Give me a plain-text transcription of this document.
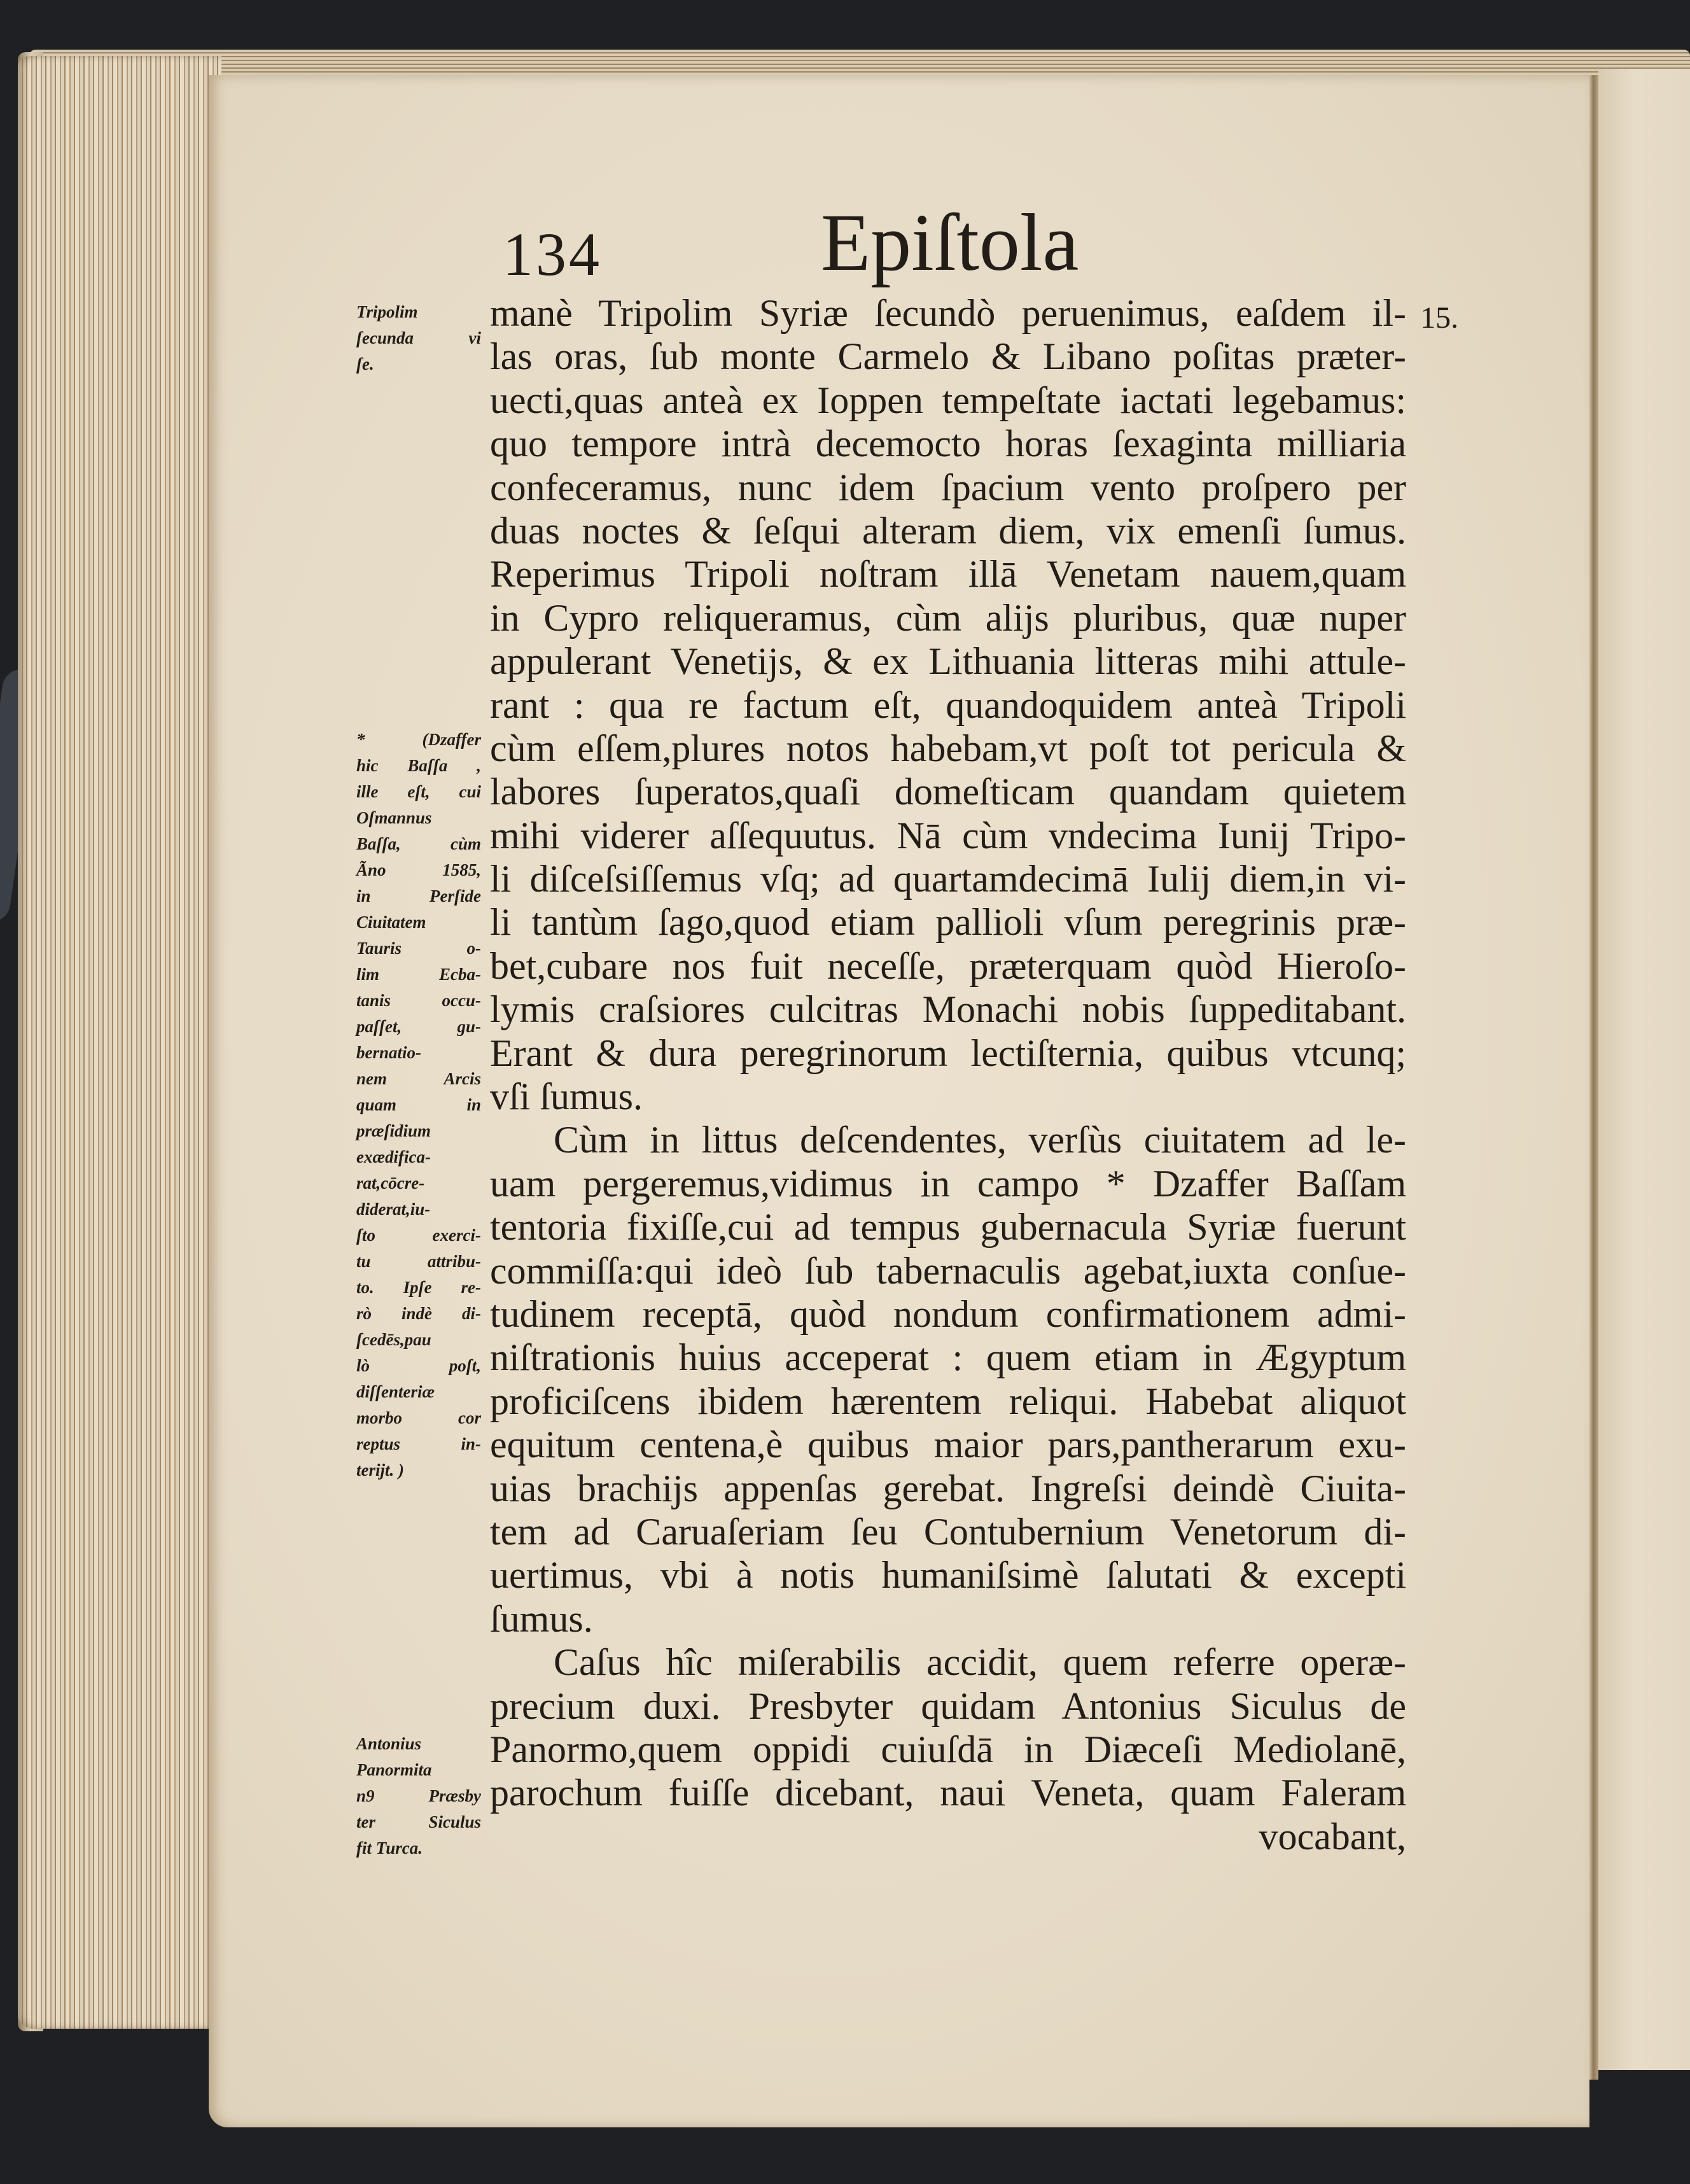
134	Epiſtola
15.
manè Tripolim Syriæ ſecundò peruenimus, eaſdem il-
las oras, ſub monte Carmelo & Libano poſitas præter-
uecti,quas anteà ex Ioppen tempeſtate iactati legebamus:
quo tempore intrà decemocto horas ſexaginta milliaria
confeceramus, nunc idem ſpacium vento proſpero per
duas noctes & ſeſqui alteram diem, vix emenſi ſumus.
Reperimus Tripoli noſtram illā Venetam nauem,quam
in Cypro reliqueramus, cùm alijs pluribus, quæ nuper
appulerant Venetijs, & ex Lithuania litteras mihi attule-
rant : qua re factum eſt, quandoquidem anteà Tripoli
cùm eſſem,plures notos habebam,vt poſt tot pericula &
labores ſuperatos,quaſi domeſticam quandam quietem
mihi viderer aſſequutus. Nā cùm vndecima Iunij Tripo-
li diſceſsiſſemus vſq; ad quartamdecimā Iulij diem,in vi-
li tantùm ſago,quod etiam pallioli vſum peregrinis præ-
bet,cubare nos fuit neceſſe, præterquam quòd Hieroſo-
lymis craſsiores culcitras Monachi nobis ſuppeditabant.
Erant & dura peregrinorum lectiſternia, quibus vtcunq;
vſi ſumus.
Cùm in littus deſcendentes, verſùs ciuitatem ad le-
uam pergeremus,vidimus in campo * Dzaffer Baſſam
tentoria fixiſſe,cui ad tempus gubernacula Syriæ fuerunt
commiſſa:qui ideò ſub tabernaculis agebat,iuxta conſue-
tudinem receptā, quòd nondum confirmationem admi-
niſtrationis huius acceperat : quem etiam in Ægyptum
proficiſcens ibidem hærentem reliqui. Habebat aliquot
equitum centena,è quibus maior pars,pantherarum exu-
uias brachijs appenſas gerebat. Ingreſsi deindè Ciuita-
tem ad Caruaſeriam ſeu Contubernium Venetorum di-
uertimus, vbi à notis humaniſsimè ſalutati & excepti
ſumus.
Caſus hîc miſerabilis accidit, quem referre operæ-
precium duxi. Presbyter quidam Antonius Siculus de
Panormo,quem oppidi cuiuſdā in Diæceſi Mediolanē,
parochum fuiſſe dicebant, naui Veneta, quam Faleram
vocabant,
Tripolim
ſecunda vi
ſe.
* (Dzaffer
hic Baſſa ,
ille eſt, cui
Oſmannus
Baſſa, cùm
Ãno 1585,
in Perſide
Ciuitatem
Tauris o-
lim Ecba-
tanis occu-
paſſet, gu-
bernatio-
nem Arcis
quam in
præſidium
exædifica-
rat,cōcre-
diderat,iu-
ſto exerci-
tu attribu-
to. Ipſe re-
rò indè di-
ſcedēs,pau
lò poſt,
diſſenteriæ
morbo cor
reptus in-
terijt. )
Antonius
Panormita
n9 Præsby
ter Siculus
fit Turca.
